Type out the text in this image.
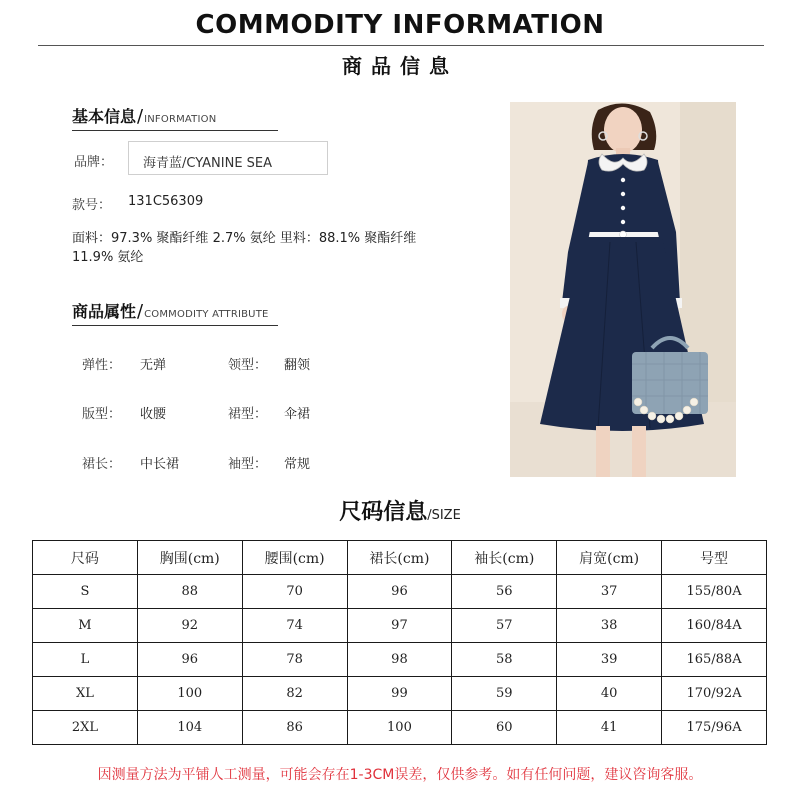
COMMODITY INFORMATION
商品信息
基本信息/INFORMATION
品牌：	海青蓝/CYANINE SEA
款号： 131C56309
面料：97.3% 聚酯纤维 2.7% 氨纶 里料：88.1% 聚酯纤维
11.9% 氨纶
商品属性/COMMODITY ATTRIBUTE
弹性： 无弹	领型： 翻领
版型： 收腰	裙型： 伞裙
裙长： 中长裙	袖型： 常规
尺码信息/SIZE
尺码	胸围(cm)	腰围(cm)	裙长(cm)	袖长(cm)	肩宽(cm)	号型
S	88	70	96	56	37	155/80A
M	92	74	97	57	38	160/84A
L	96	78	98	58	39	165/88A
XL	100	82	99	59	40	170/92A
2XL	104	86	100	60	41	175/96A
因测量方法为平铺人工测量，可能会存在1-3CM误差，仅供参考。如有任何问题，建议咨询客服。
